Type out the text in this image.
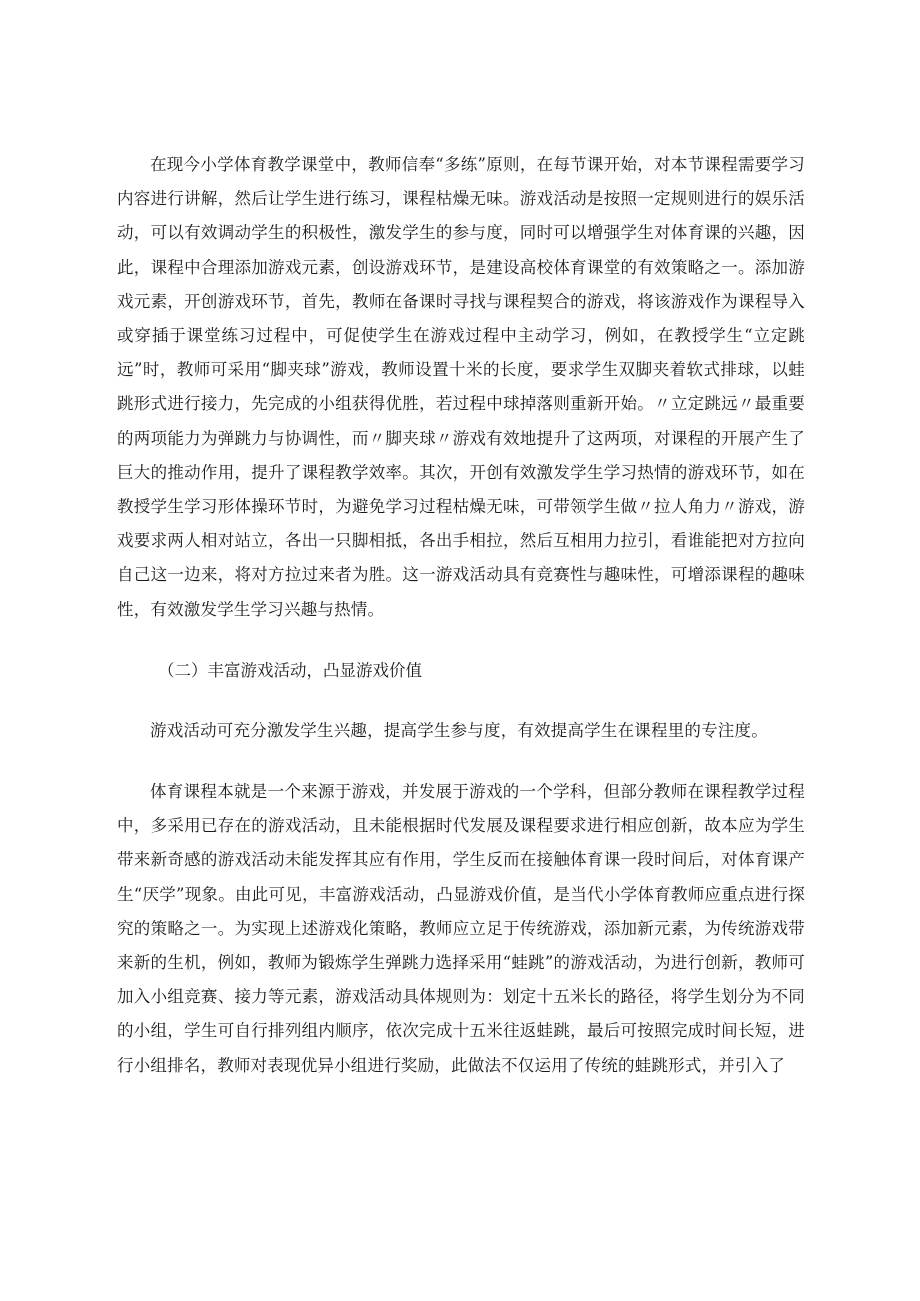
在现今小学体育教学课堂中，教师信奉“多练”原则，在每节课开始，对本节课程需要学习内容进行讲解，然后让学生进行练习，课程枯燥无味。游戏活动是按照一定规则进行的娱乐活动，可以有效调动学生的积极性，激发学生的参与度，同时可以增强学生对体育课的兴趣，因此，课程中合理添加游戏元素，创设游戏环节，是建设高校体育课堂的有效策略之一。添加游戏元素，开创游戏环节，首先，教师在备课时寻找与课程契合的游戏，将该游戏作为课程导入或穿插于课堂练习过程中，可促使学生在游戏过程中主动学习，例如，在教授学生“立定跳远”时，教师可采用“脚夹球”游戏，教师设置十米的长度，要求学生双脚夹着软式排球，以蛙跳形式进行接力，先完成的小组获得优胜，若过程中球掉落则重新开始。〃立定跳远〃最重要的两项能力为弹跳力与协调性，而〃脚夹球〃游戏有效地提升了这两项，对课程的开展产生了巨大的推动作用，提升了课程教学效率。其次，开创有效激发学生学习热情的游戏环节，如在教授学生学习形体操环节时，为避免学习过程枯燥无味，可带领学生做〃拉人角力〃游戏，游戏要求两人相对站立，各出一只脚相抵，各出手相拉，然后互相用力拉引，看谁能把对方拉向自己这一边来，将对方拉过来者为胜。这一游戏活动具有竞赛性与趣味性，可增添课程的趣味性，有效激发学生学习兴趣与热情。

（二）丰富游戏活动，凸显游戏价值

游戏活动可充分激发学生兴趣，提高学生参与度，有效提高学生在课程里的专注度。

体育课程本就是一个来源于游戏，并发展于游戏的一个学科，但部分教师在课程教学过程中，多采用已存在的游戏活动，且未能根据时代发展及课程要求进行相应创新，故本应为学生带来新奇感的游戏活动未能发挥其应有作用，学生反而在接触体育课一段时间后，对体育课产生“厌学”现象。由此可见，丰富游戏活动，凸显游戏价值，是当代小学体育教师应重点进行探究的策略之一。为实现上述游戏化策略，教师应立足于传统游戏，添加新元素，为传统游戏带来新的生机，例如，教师为锻炼学生弹跳力选择采用“蛙跳”的游戏活动，为进行创新，教师可加入小组竞赛、接力等元素，游戏活动具体规则为：划定十五米长的路径，将学生划分为不同的小组，学生可自行排列组内顺序，依次完成十五米往返蛙跳，最后可按照完成时间长短，进行小组排名，教师对表现优异小组进行奖励，此做法不仅运用了传统的蛙跳形式，并引入了
